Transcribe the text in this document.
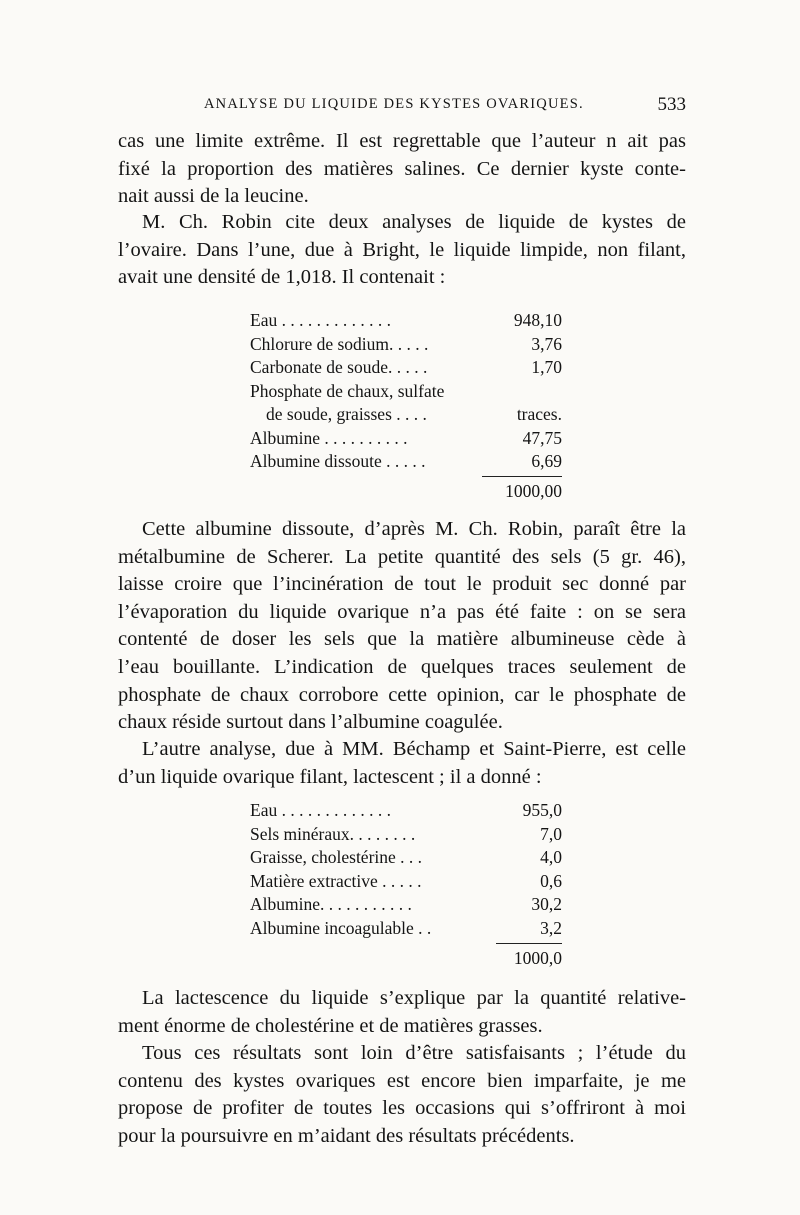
ANALYSE DU LIQUIDE DES KYSTES OVARIQUES.	533

cas une limite extrême. Il est regrettable que l’auteur n ait pas
fixé la proportion des matières salines. Ce dernier kyste conte-
nait aussi de la leucine.

M. Ch. Robin cite deux analyses de liquide de kystes de
l’ovaire. Dans l’une, due à Bright, le liquide limpide, non filant,
avait une densité de 1,018. Il contenait :

Eau . . . . . . . . . . . . .	948,10
Chlorure de sodium. . . . .	3,76
Carbonate de soude. . . . .	1,70
Phosphate de chaux, sulfate
de soude, graisses . . . .	traces.
Albumine . . . . . . . . . .	47,75
Albumine dissoute . . . . .	6,69
1000,00

Cette albumine dissoute, d’après M. Ch. Robin, paraît être la
métalbumine de Scherer. La petite quantité des sels (5 gr. 46),
laisse croire que l’incinération de tout le produit sec donné par
l’évaporation du liquide ovarique n’a pas été faite : on se sera
contenté de doser les sels que la matière albumineuse cède à
l’eau bouillante. L’indication de quelques traces seulement de
phosphate de chaux corrobore cette opinion, car le phosphate de
chaux réside surtout dans l’albumine coagulée.

L’autre analyse, due à MM. Béchamp et Saint-Pierre, est celle
d’un liquide ovarique filant, lactescent ; il a donné :

Eau . . . . . . . . . . . . .	955,0
Sels minéraux. . . . . . . .	7,0
Graisse, cholestérine . . .	4,0
Matière extractive . . . . .	0,6
Albumine. . . . . . . . . . .	30,2
Albumine incoagulable . .	3,2
1000,0

La lactescence du liquide s’explique par la quantité relative-
ment énorme de cholestérine et de matières grasses.

Tous ces résultats sont loin d’être satisfaisants ; l’étude du
contenu des kystes ovariques est encore bien imparfaite, je me
propose de profiter de toutes les occasions qui s’offriront à moi
pour la poursuivre en m’aidant des résultats précédents.
